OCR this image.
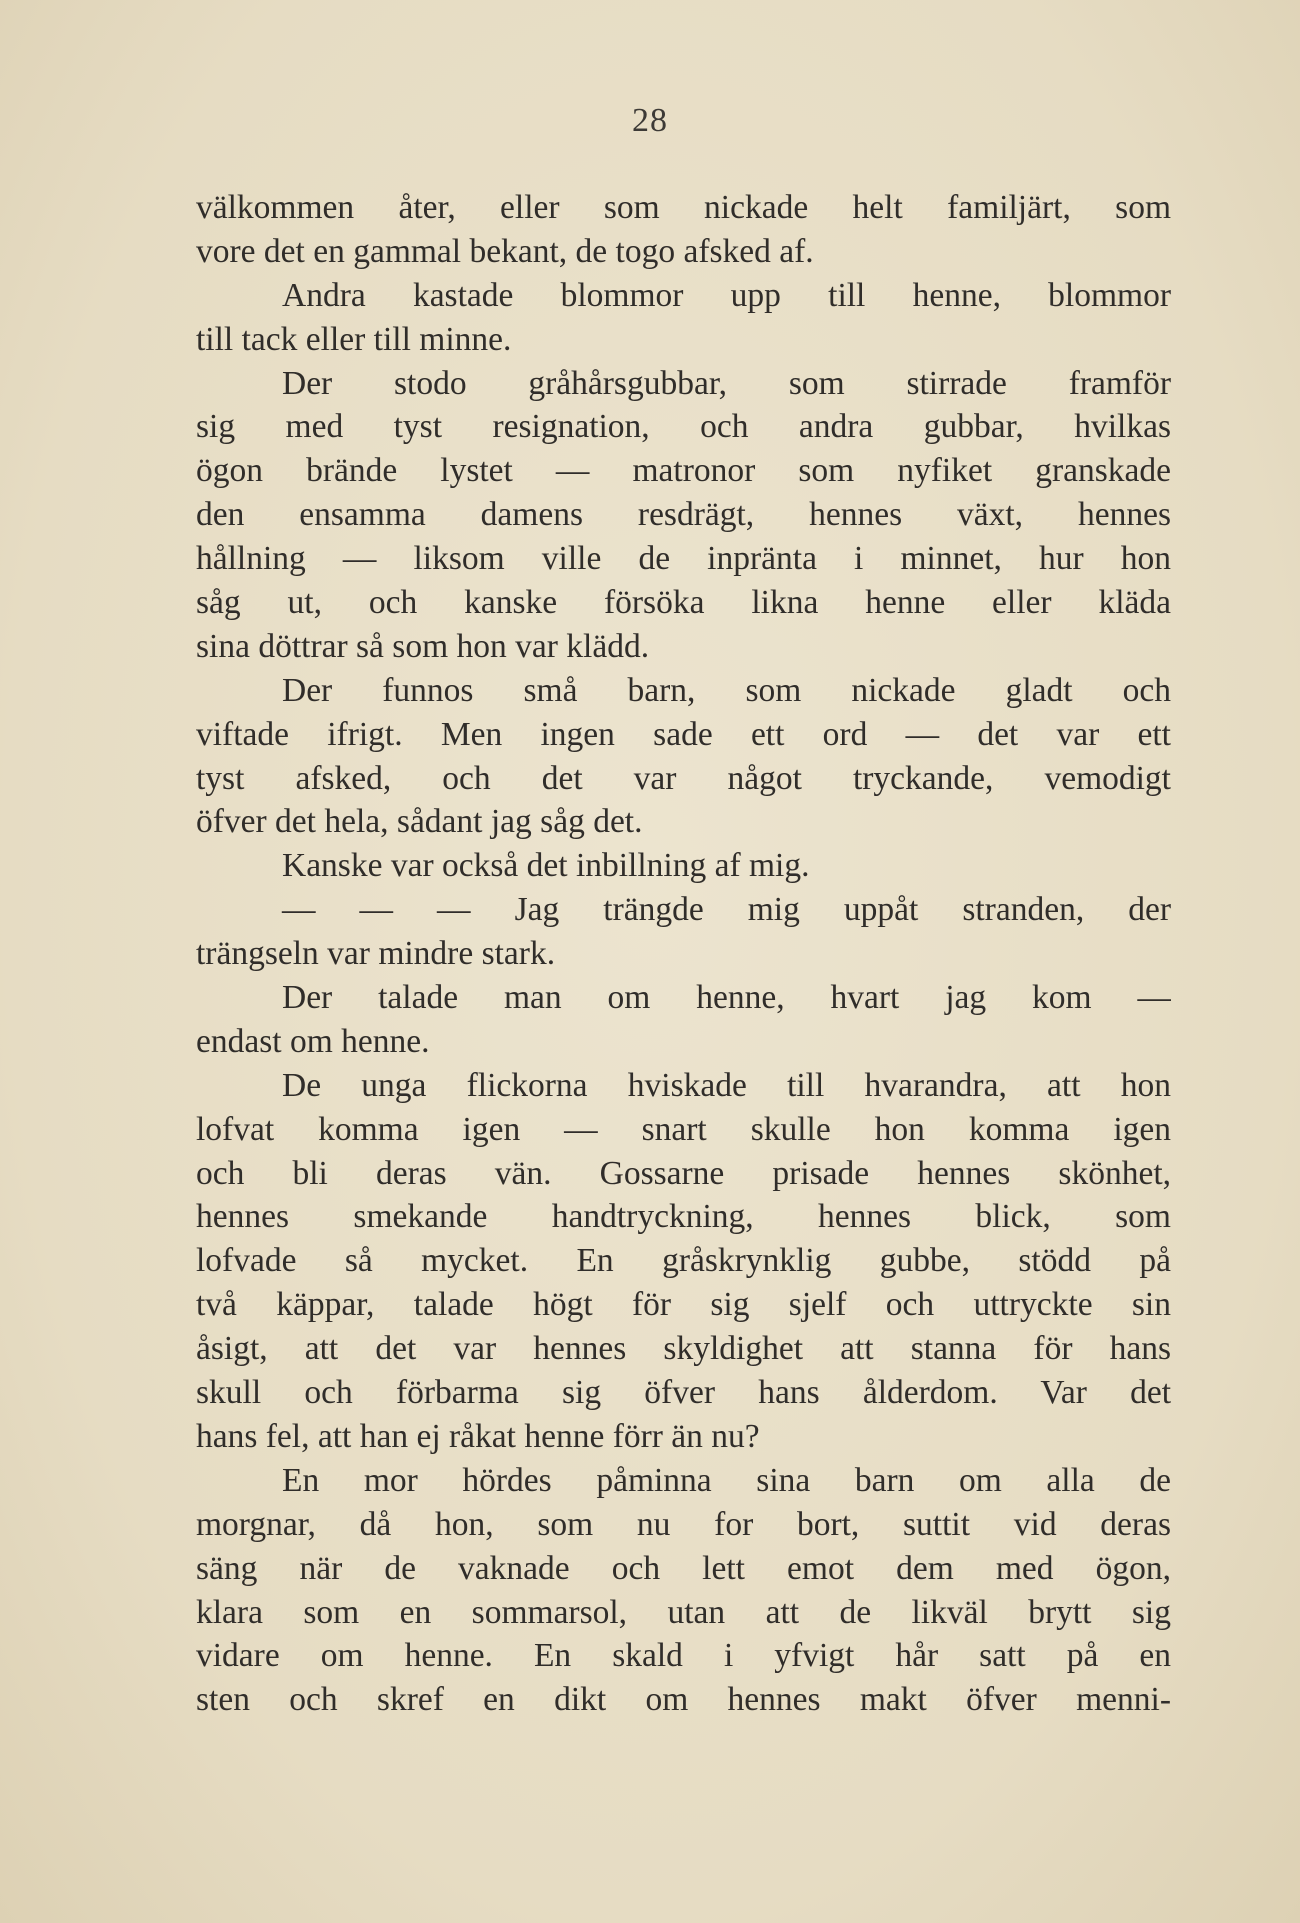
28
välkommen åter, eller som nickade helt familjärt, som
vore det en gammal bekant, de togo afsked af.
Andra kastade blommor upp till henne, blommor
till tack eller till minne.
Der stodo gråhårsgubbar, som stirrade framför
sig med tyst resignation, och andra gubbar, hvilkas
ögon brände lystet — matronor som nyfiket granskade
den ensamma damens resdrägt, hennes växt, hennes
hållning — liksom ville de inpränta i minnet, hur hon
såg ut, och kanske försöka likna henne eller kläda
sina döttrar så som hon var klädd.
Der funnos små barn, som nickade gladt och
viftade ifrigt. Men ingen sade ett ord — det var ett
tyst afsked, och det var något tryckande, vemodigt
öfver det hela, sådant jag såg det.
Kanske var också det inbillning af mig.
— — — Jag trängde mig uppåt stranden, der
trängseln var mindre stark.
Der talade man om henne, hvart jag kom —
endast om henne.
De unga flickorna hviskade till hvarandra, att hon
lofvat komma igen — snart skulle hon komma igen
och bli deras vän. Gossarne prisade hennes skönhet,
hennes smekande handtryckning, hennes blick, som
lofvade så mycket. En gråskrynklig gubbe, stödd på
två käppar, talade högt för sig sjelf och uttryckte sin
åsigt, att det var hennes skyldighet att stanna för hans
skull och förbarma sig öfver hans ålderdom. Var det
hans fel, att han ej råkat henne förr än nu?
En mor hördes påminna sina barn om alla de
morgnar, då hon, som nu for bort, suttit vid deras
säng när de vaknade och lett emot dem med ögon,
klara som en sommarsol, utan att de likväl brytt sig
vidare om henne. En skald i yfvigt hår satt på en
sten och skref en dikt om hennes makt öfver menni-
